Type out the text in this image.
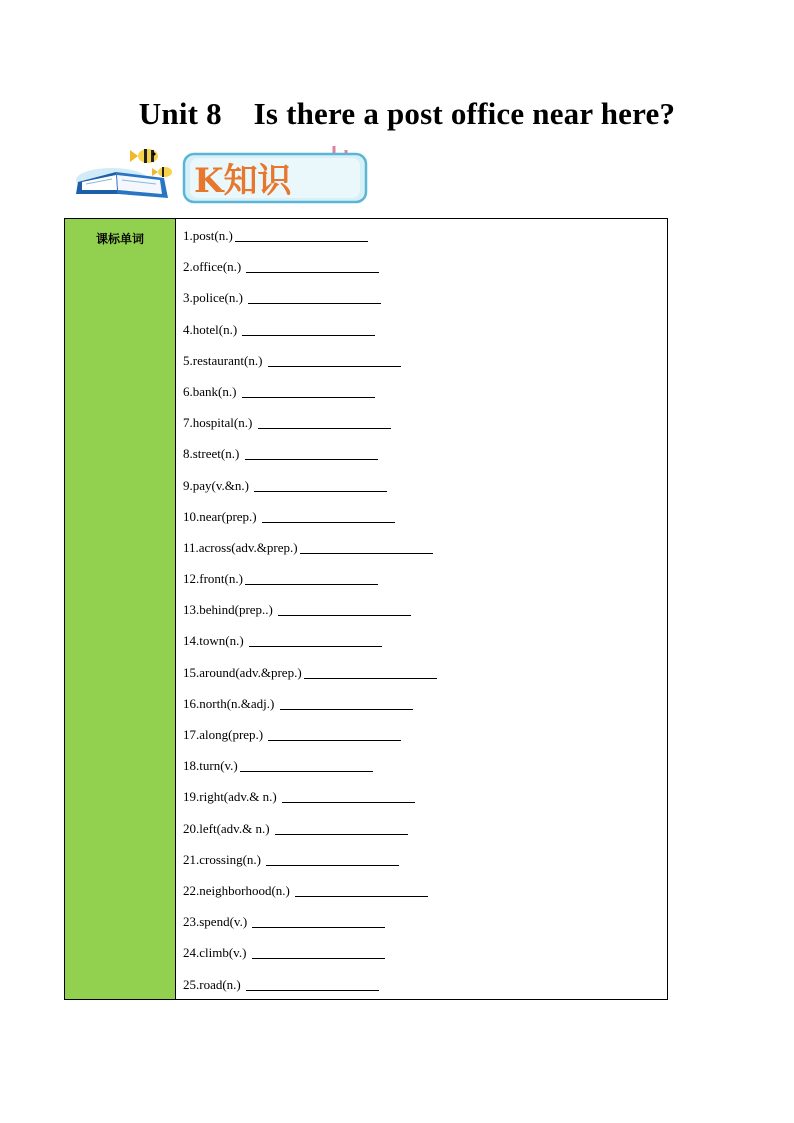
Unit 8    Is there a post office near here?
K知识
课标单词	1.post(n.)
2.office(n.)
3.police(n.)
4.hotel(n.)
5.restaurant(n.)
6.bank(n.)
7.hospital(n.)
8.street(n.)
9.pay(v.&n.)
10.near(prep.)
11.across(adv.&prep.)
12.front(n.)
13.behind(prep..)
14.town(n.)
15.around(adv.&prep.)
16.north(n.&adj.)
17.along(prep.)
18.turn(v.)
19.right(adv.& n.)
20.left(adv.& n.)
21.crossing(n.)
22.neighborhood(n.)
23.spend(v.)
24.climb(v.)
25.road(n.)
